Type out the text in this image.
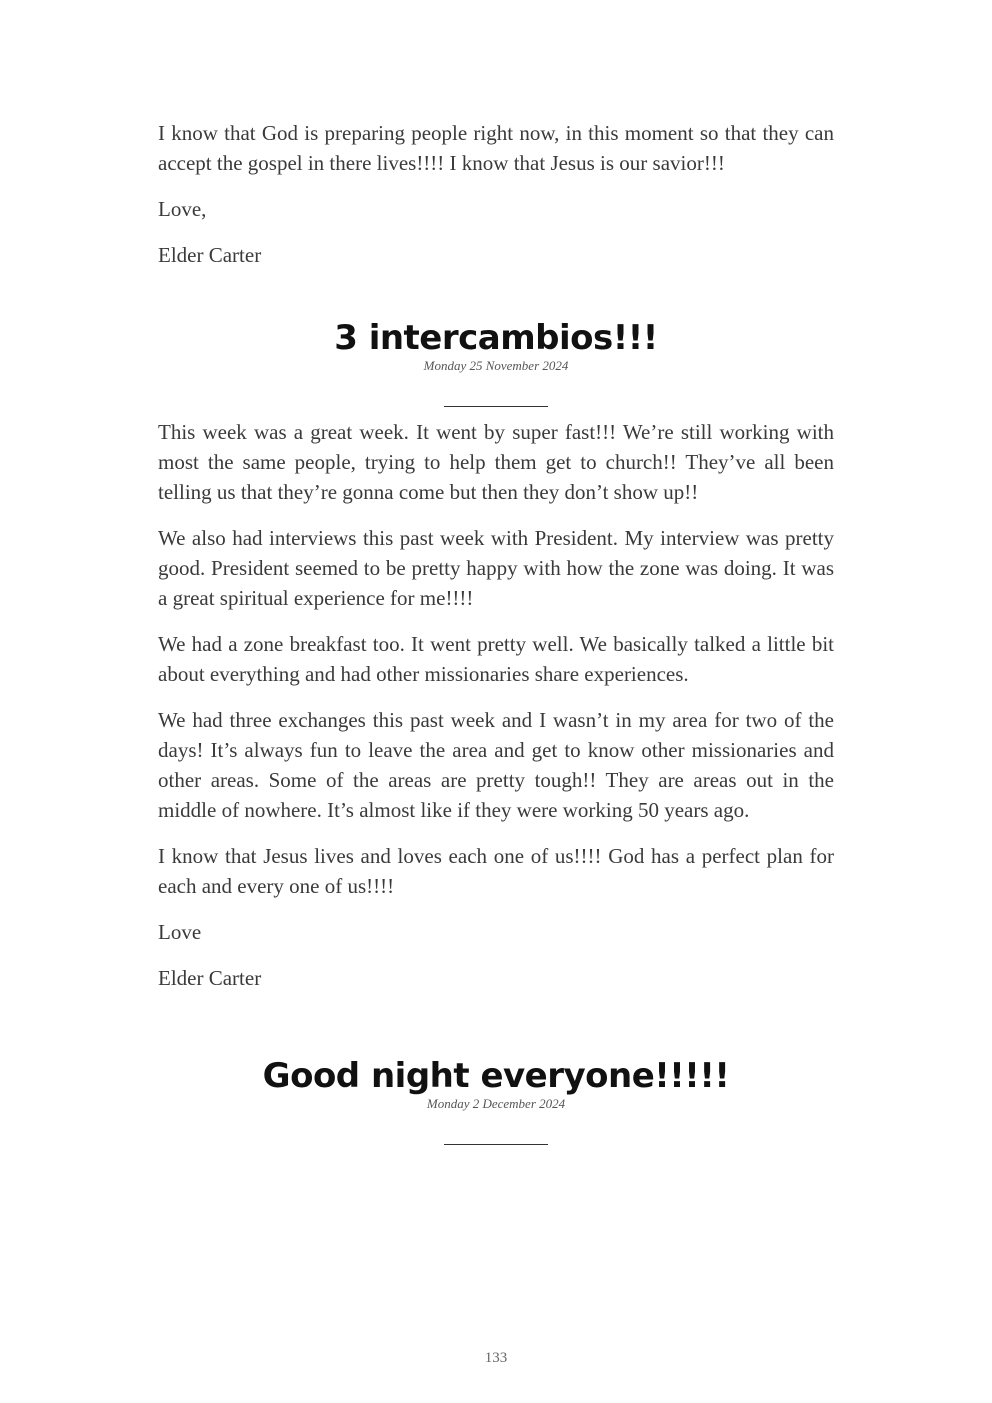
I know that God is preparing people right now, in this moment so that they can accept the gospel in there lives!!!! I know that Jesus is our savior!!!

Love,

Elder Carter

3 intercambios!!!

Monday 25 November 2024

This week was a great week. It went by super fast!!! We’re still working with most the same people, trying to help them get to church!! They’ve all been telling us that they’re gonna come but then they don’t show up!!

We also had interviews this past week with President. My interview was pretty good. President seemed to be pretty happy with how the zone was doing. It was a great spiritual experience for me!!!!

We had a zone breakfast too. It went pretty well. We basically talked a little bit about everything and had other missionaries share experiences.

We had three exchanges this past week and I wasn’t in my area for two of the days! It’s always fun to leave the area and get to know other missionaries and other areas. Some of the areas are pretty tough!! They are areas out in the middle of nowhere. It’s almost like if they were working 50 years ago.

I know that Jesus lives and loves each one of us!!!! God has a perfect plan for each and every one of us!!!!

Love

Elder Carter

Good night everyone!!!!!

Monday 2 December 2024

133
